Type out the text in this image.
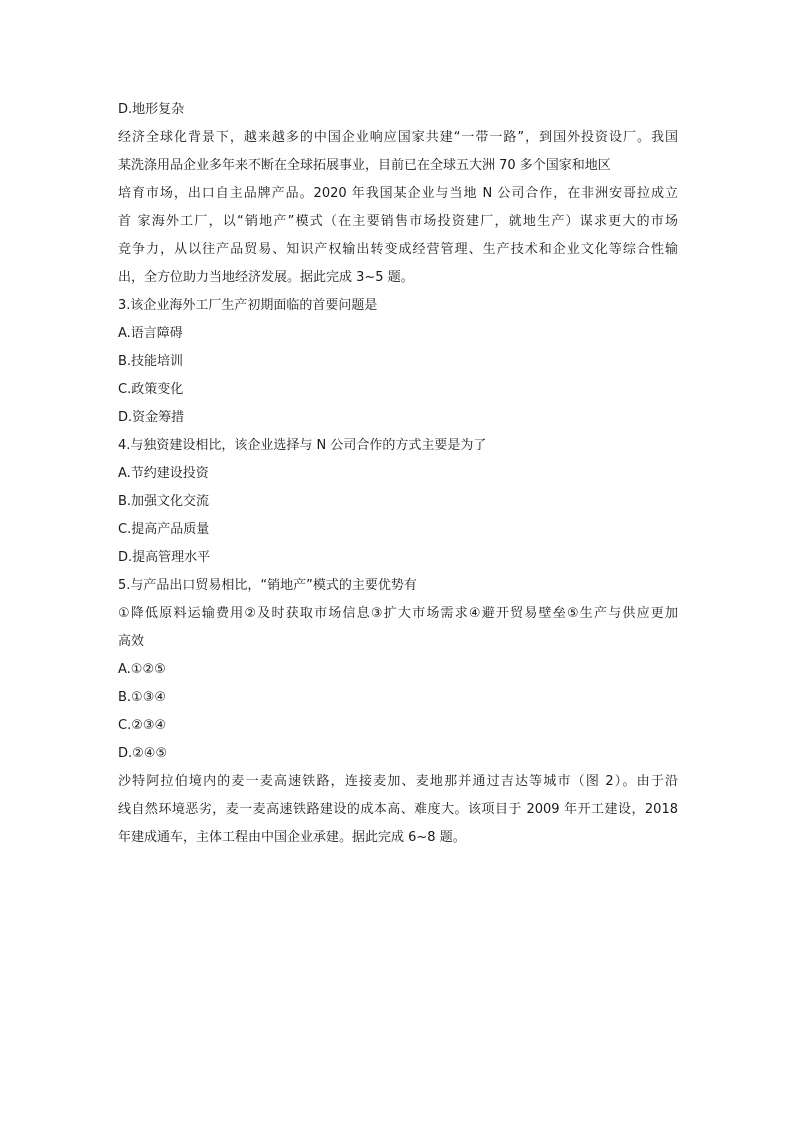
D.地形复杂
经济全球化背景下，越来越多的中国企业响应国家共建“一带一路”，到国外投资设厂。我国
某洗涤用品企业多年来不断在全球拓展事业，目前已在全球五大洲 70 多个国家和地区
培育市场，出口自主品牌产品。2020 年我国某企业与当地 N 公司合作，在非洲安哥拉成立
首 家海外工厂，以“销地产”模式（在主要销售市场投资建厂，就地生产）谋求更大的市场
竞争力，从以往产品贸易、知识产权输出转变成经营管理、生产技术和企业文化等综合性输
出，全方位助力当地经济发展。据此完成 3~5 题。
3.该企业海外工厂生产初期面临的首要问题是
A.语言障碍
B.技能培训
C.政策变化
D.资金筹措
4.与独资建设相比，该企业选择与 N 公司合作的方式主要是为了
A.节约建设投资
B.加强文化交流
C.提高产品质量
D.提高管理水平
5.与产品出口贸易相比，“销地产”模式的主要优势有
①降低原料运输费用②及时获取市场信息③扩大市场需求④避开贸易壁垒⑤生产与供应更加
高效
A.①②⑤
B.①③④
C.②③④
D.②④⑤
沙特阿拉伯境内的麦一麦高速铁路，连接麦加、麦地那并通过吉达等城市（图 2）。由于沿
线自然环境恶劣，麦一麦高速铁路建设的成本高、难度大。该项目于 2009 年开工建设，2018
年建成通车，主体工程由中国企业承建。据此完成 6~8 题。
